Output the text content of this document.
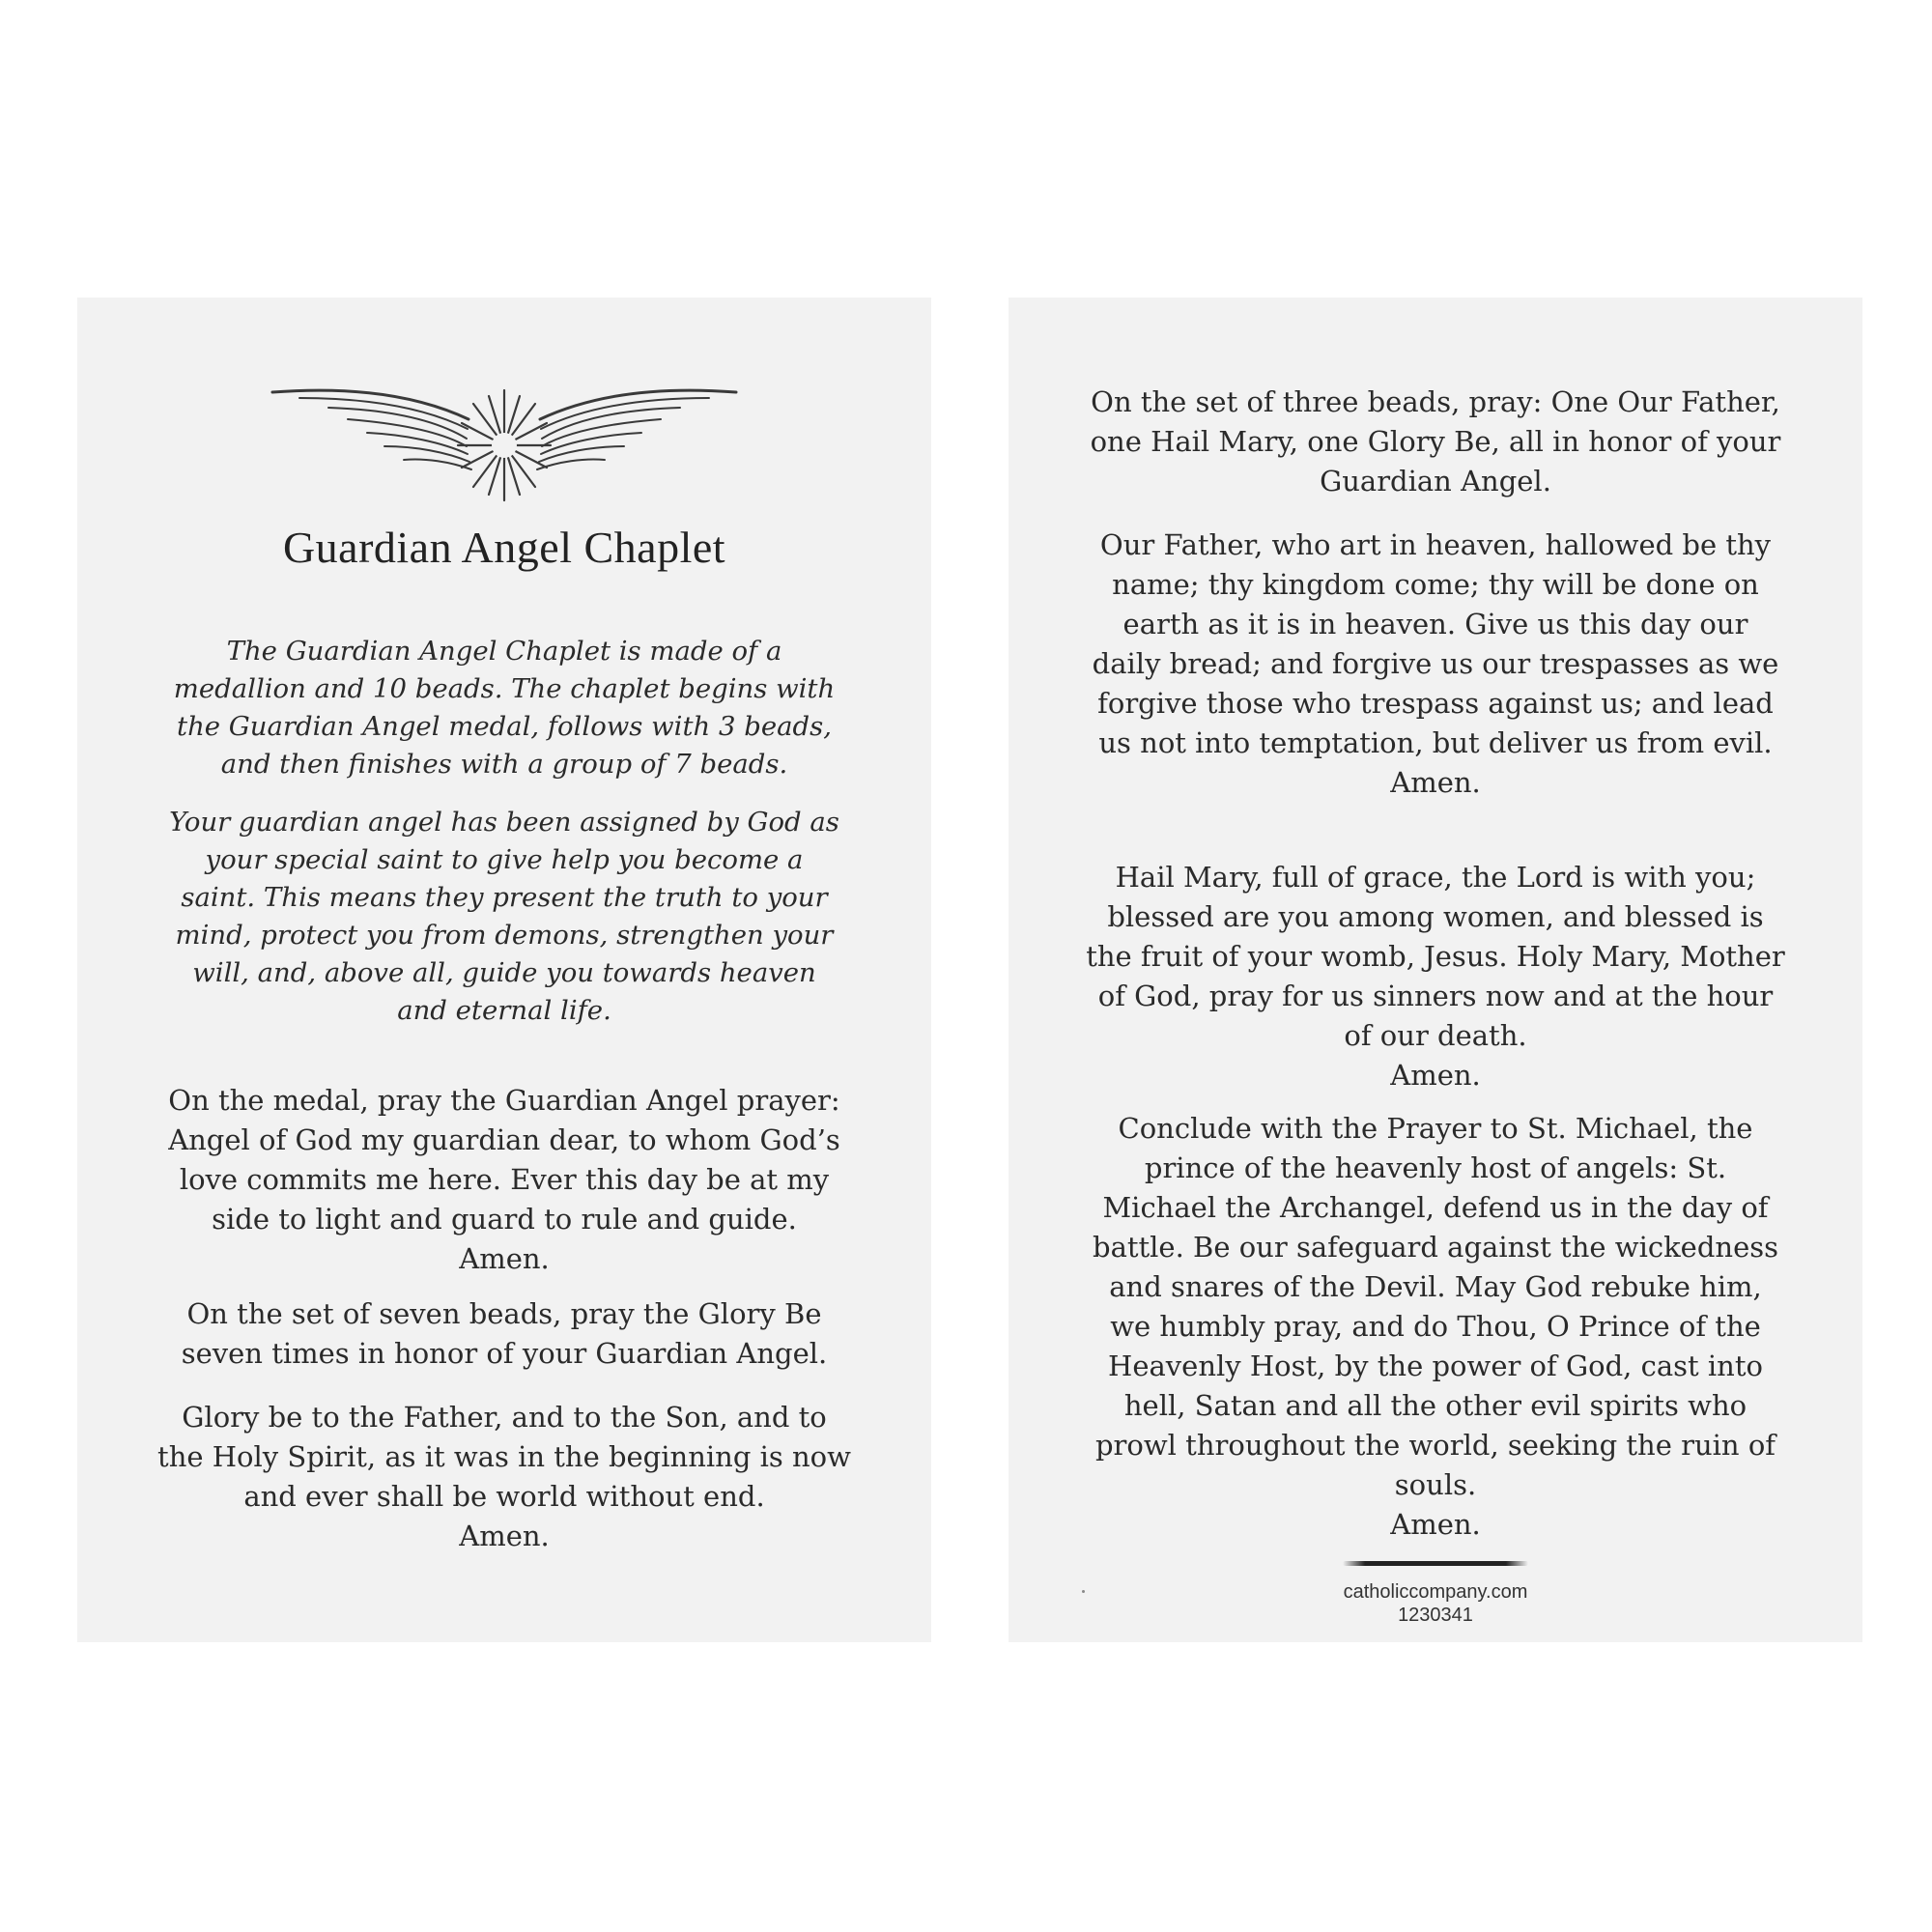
Guardian Angel Chaplet

The Guardian Angel Chaplet is made of a medallion and 10 beads. The chaplet begins with the Guardian Angel medal, follows with 3 beads, and then finishes with a group of 7 beads.

Your guardian angel has been assigned by God as your special saint to give help you become a saint. This means they present the truth to your mind, protect you from demons, strengthen your will, and, above all, guide you towards heaven and eternal life.

On the medal, pray the Guardian Angel prayer: Angel of God my guardian dear, to whom God’s love commits me here. Ever this day be at my side to light and guard to rule and guide.
Amen.

On the set of seven beads, pray the Glory Be seven times in honor of your Guardian Angel.

Glory be to the Father, and to the Son, and to the Holy Spirit, as it was in the beginning is now and ever shall be world without end.
Amen.

On the set of three beads, pray: One Our Father, one Hail Mary, one Glory Be, all in honor of your Guardian Angel.

Our Father, who art in heaven, hallowed be thy name; thy kingdom come; thy will be done on earth as it is in heaven. Give us this day our daily bread; and forgive us our trespasses as we forgive those who trespass against us; and lead us not into temptation, but deliver us from evil.
Amen.

Hail Mary, full of grace, the Lord is with you; blessed are you among women, and blessed is the fruit of your womb, Jesus. Holy Mary, Mother of God, pray for us sinners now and at the hour of our death.
Amen.

Conclude with the Prayer to St. Michael, the prince of the heavenly host of angels: St. Michael the Archangel, defend us in the day of battle. Be our safeguard against the wickedness and snares of the Devil. May God rebuke him, we humbly pray, and do Thou, O Prince of the Heavenly Host, by the power of God, cast into hell, Satan and all the other evil spirits who prowl throughout the world, seeking the ruin of souls.
Amen.

catholiccompany.com
1230341
